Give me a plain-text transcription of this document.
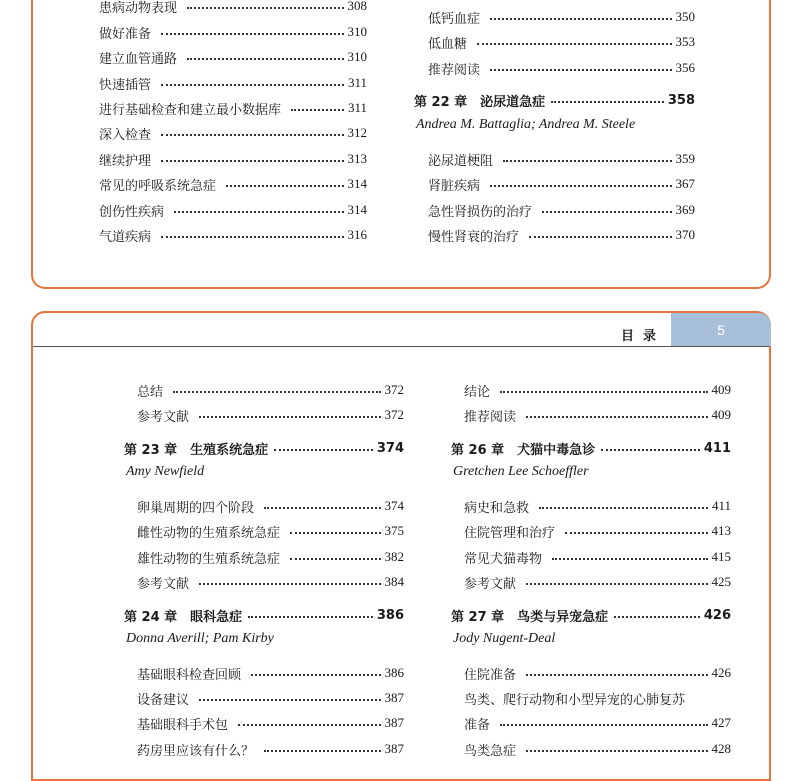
患病动物表现	308
做好准备	310
建立血管通路	310
快速插管	311
进行基础检查和建立最小数据库	311
深入检查	312
继续护理	313
常见的呼吸系统急症	314
创伤性疾病	314
气道疾病	316
低钙血症	350
低血糖	353
推荐阅读	356
第 22 章　泌尿道急症	358
Andrea M. Battaglia; Andrea M. Steele
泌尿道梗阻	359
肾脏疾病	367
急性肾损伤的治疗	369
慢性肾衰的治疗	370
目录	5
总结	372
参考文献	372
第 23 章　生殖系统急症	374
Amy Newfield
卵巢周期的四个阶段	374
雌性动物的生殖系统急症	375
雄性动物的生殖系统急症	382
参考文献	384
第 24 章　眼科急症	386
Donna Averill; Pam Kirby
基础眼科检查回顾	386
设备建议	387
基础眼科手术包	387
药房里应该有什么？	387
结论	409
推荐阅读	409
第 26 章　犬猫中毒急诊	411
Gretchen Lee Schoeffler
病史和急救	411
住院管理和治疗	413
常见犬猫毒物	415
参考文献	425
第 27 章　鸟类与异宠急症	426
Jody Nugent-Deal
住院准备	426
鸟类、爬行动物和小型异宠的心肺复苏
准备	427
鸟类急症	428
